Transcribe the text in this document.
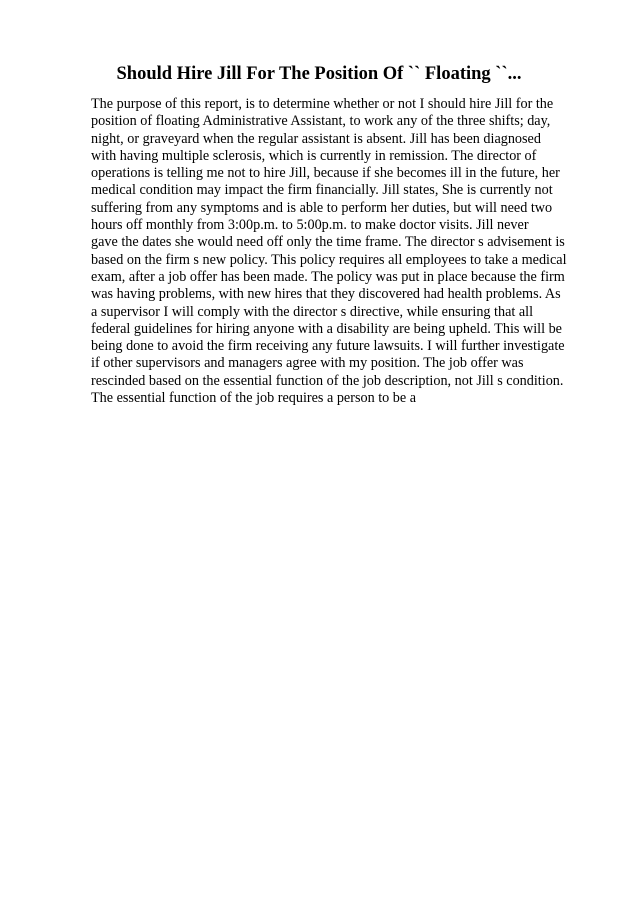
Should Hire Jill For The Position Of `` Floating ``...
The purpose of this report, is to determine whether or not I should hire Jill for the
position of floating Administrative Assistant, to work any of the three shifts; day,
night, or graveyard when the regular assistant is absent. Jill has been diagnosed
with having multiple sclerosis, which is currently in remission. The director of
operations is telling me not to hire Jill, because if she becomes ill in the future, her
medical condition may impact the firm financially. Jill states, She is currently not
suffering from any symptoms and is able to perform her duties, but will need two
hours off monthly from 3:00p.m. to 5:00p.m. to make doctor visits. Jill never
gave the dates she would need off only the time frame. The director s advisement is
based on the firm s new policy. This policy requires all employees to take a medical
exam, after a job offer has been made. The policy was put in place because the firm
was having problems, with new hires that they discovered had health problems. As
a supervisor I will comply with the director s directive, while ensuring that all
federal guidelines for hiring anyone with a disability are being upheld. This will be
being done to avoid the firm receiving any future lawsuits. I will further investigate
if other supervisors and managers agree with my position. The job offer was
rescinded based on the essential function of the job description, not Jill s condition.
The essential function of the job requires a person to be a
